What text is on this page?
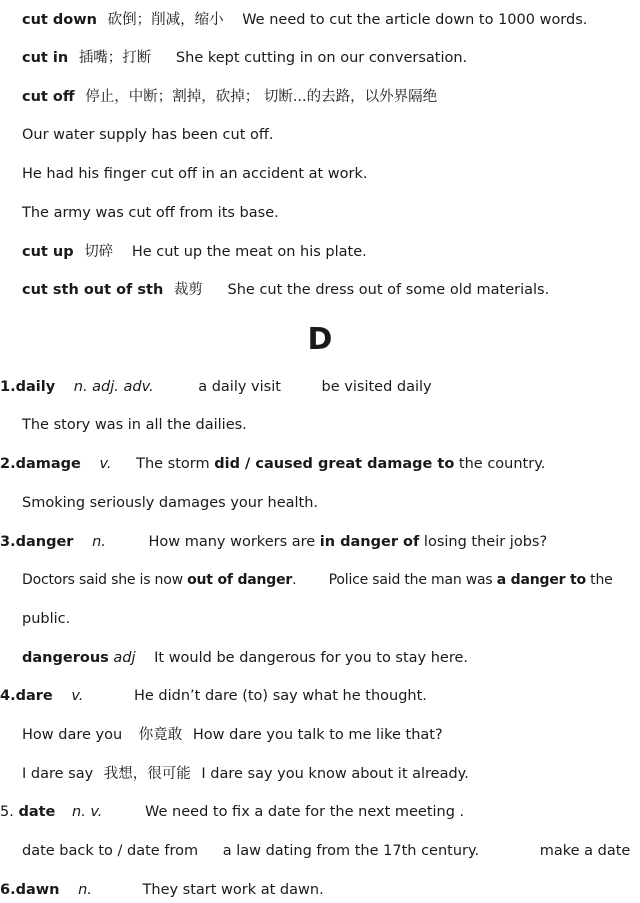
cut down 砍倒；削减，缩小 We need to cut the article down to 1000 words.
cut in 插嘴；打断 She kept cutting in on our conversation.
cut off 停止，中断；割掉，砍掉； 切断...的去路，以外界隔绝
Our water supply has been cut off.
He had his finger cut off in an accident at work.
The army was cut off from its base.
cut up 切碎 He cut up the meat on his plate.
cut sth out of sth 裁剪 She cut the dress out of some old materials.
D
1.daily n. adj. adv.	a daily visit	be visited daily
The story was in all the dailies.
2.damage v. The storm did / caused great damage to the country.
Smoking seriously damages your health.
3.danger n.	How many workers are in danger of losing their jobs?
Doctors said she is now out of danger. Police said the man was a danger to the
public.
dangerous adj It would be dangerous for you to stay here.
4.dare v.	He didn’t dare (to) say what he thought.
How dare you 你竟敢 How dare you talk to me like that?
I dare say 我想，很可能 I dare say you know about it already.
5. date n. v.	We need to fix a date for the next meeting .
date back to / date from a law dating from the 17th century.	make a date
6.dawn n.	They start work at dawn.
